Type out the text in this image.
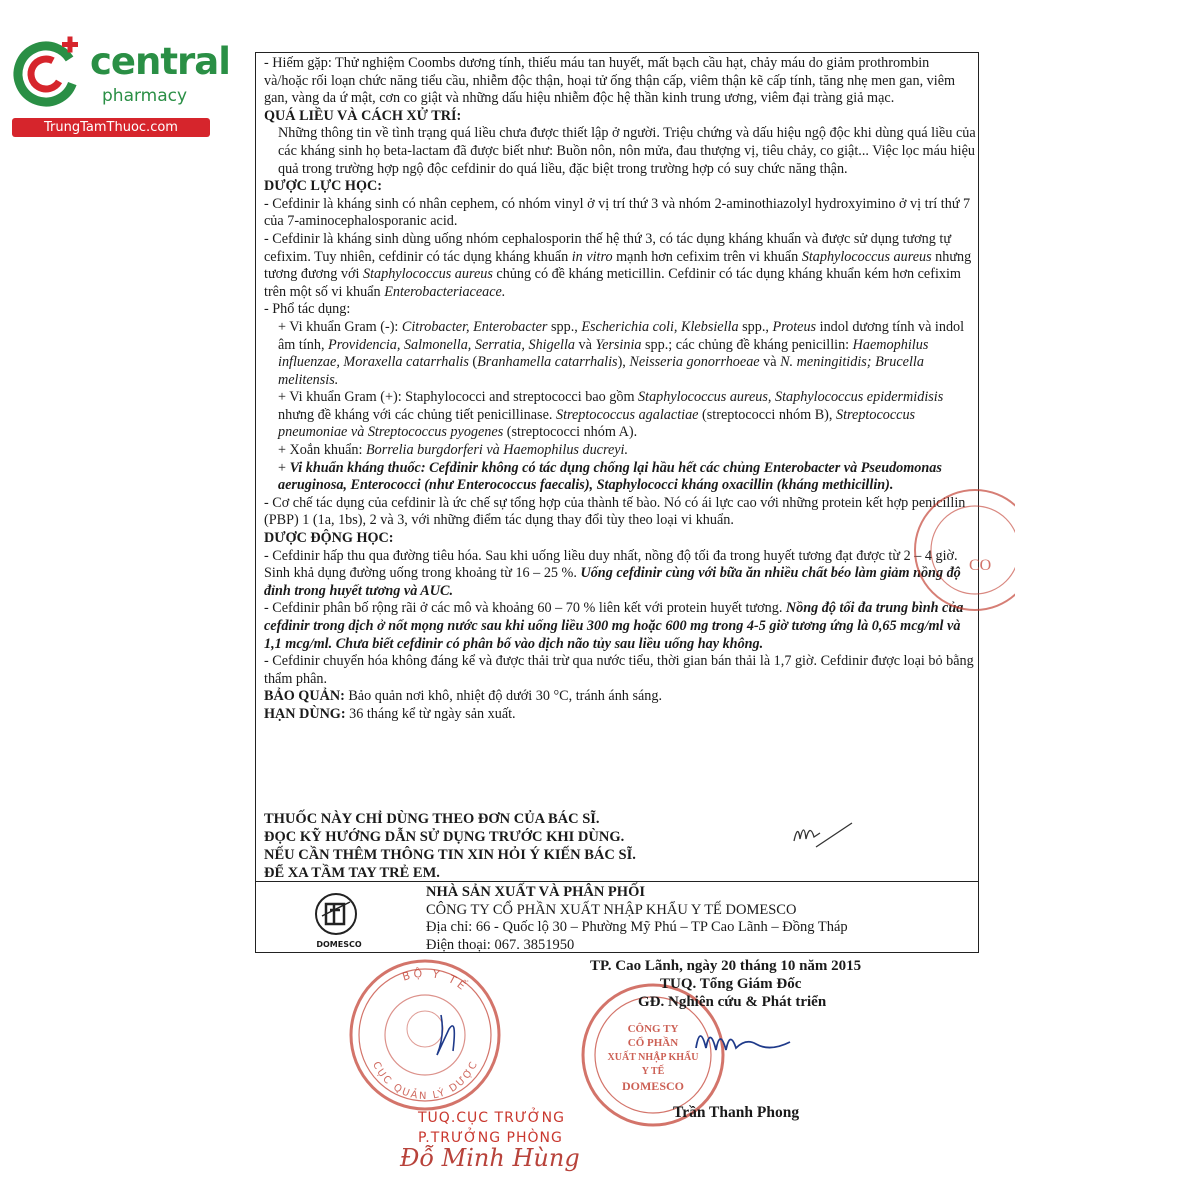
central
pharmacy
TrungTamThuoc.com

- Hiếm gặp: Thử nghiệm Coombs dương tính, thiếu máu tan huyết, mất bạch cầu hạt, chảy máu do giảm prothrombin và/hoặc rối loạn chức năng tiểu cầu, nhiễm độc thận, hoại tử ống thận cấp, viêm thận kẽ cấp tính, tăng nhẹ men gan, viêm gan, vàng da ứ mật, cơn co giật và những dấu hiệu nhiễm độc hệ thần kinh trung ương, viêm đại tràng giả mạc.

QUÁ LIỀU VÀ CÁCH XỬ TRÍ:

Những thông tin về tình trạng quá liều chưa được thiết lập ở người. Triệu chứng và dấu hiệu ngộ độc khi dùng quá liều của các kháng sinh họ beta-lactam đã được biết như: Buồn nôn, nôn mửa, đau thượng vị, tiêu chảy, co giật... Việc lọc máu hiệu quả trong trường hợp ngộ độc cefdinir do quá liều, đặc biệt trong trường hợp có suy chức năng thận.

DƯỢC LỰC HỌC:

- Cefdinir là kháng sinh có nhân cephem, có nhóm vinyl ở vị trí thứ 3 và nhóm 2-aminothiazolyl hydroxyimino ở vị trí thứ 7 của 7-aminocephalosporanic acid.

- Cefdinir là kháng sinh dùng uống nhóm cephalosporin thế hệ thứ 3, có tác dụng kháng khuẩn và được sử dụng tương tự cefixim. Tuy nhiên, cefdinir có tác dụng kháng khuẩn in vitro mạnh hơn cefixim trên vi khuẩn Staphylococcus aureus nhưng tương đương với Staphylococcus aureus chủng có đề kháng meticillin. Cefdinir có tác dụng kháng khuẩn kém hơn cefixim trên một số vi khuẩn Enterobacteriaceace.

- Phổ tác dụng:

+ Vi khuẩn Gram (-): Citrobacter, Enterobacter spp., Escherichia coli, Klebsiella spp., Proteus indol dương tính và indol âm tính, Providencia, Salmonella, Serratia, Shigella và Yersinia spp.; các chủng đề kháng penicillin: Haemophilus influenzae, Moraxella catarrhalis (Branhamella catarrhalis), Neisseria gonorrhoeae và N. meningitidis; Brucella melitensis.

+ Vi khuẩn Gram (+): Staphylococci and streptococci bao gồm Staphylococcus aureus, Staphylococcus epidermidisis nhưng đề kháng với các chủng tiết penicillinase. Streptococcus agalactiae (streptococci nhóm B), Streptococcus pneumoniae và Streptococcus pyogenes (streptococci nhóm A).

+ Xoắn khuẩn: Borrelia burgdorferi và Haemophilus ducreyi.

+ Vi khuẩn kháng thuốc: Cefdinir không có tác dụng chống lại hầu hết các chủng Enterobacter và Pseudomonas aeruginosa, Enterococci (như Enterococcus faecalis), Staphylococci kháng oxacillin (kháng methicillin).

- Cơ chế tác dụng của cefdinir là ức chế sự tổng hợp của thành tế bào. Nó có ái lực cao với những protein kết hợp penicillin (PBP) 1 (1a, 1bs), 2 và 3, với những điểm tác dụng thay đổi tùy theo loại vi khuẩn.

DƯỢC ĐỘNG HỌC:

- Cefdinir hấp thu qua đường tiêu hóa. Sau khi uống liều duy nhất, nồng độ tối đa trong huyết tương đạt được từ 2 – 4 giờ. Sinh khả dụng đường uống trong khoảng từ 16 – 25 %. Uống cefdinir cùng với bữa ăn nhiều chất béo làm giảm nồng độ đỉnh trong huyết tương và AUC.

- Cefdinir phân bố rộng rãi ở các mô và khoảng 60 – 70 % liên kết với protein huyết tương. Nồng độ tối đa trung bình của cefdinir trong dịch ở nốt mọng nước sau khi uống liều 300 mg hoặc 600 mg trong 4-5 giờ tương ứng là 0,65 mcg/ml và 1,1 mcg/ml. Chưa biết cefdinir có phân bố vào dịch não tủy sau liều uống hay không.

- Cefdinir chuyển hóa không đáng kể và được thải trừ qua nước tiểu, thời gian bán thải là 1,7 giờ. Cefdinir được loại bỏ bằng thẩm phân.

BẢO QUẢN: Bảo quản nơi khô, nhiệt độ dưới 30 °C, tránh ánh sáng.

HẠN DÙNG: 36 tháng kể từ ngày sản xuất.

THUỐC NÀY CHỈ DÙNG THEO ĐƠN CỦA BÁC SĨ.
ĐỌC KỸ HƯỚNG DẪN SỬ DỤNG TRƯỚC KHI DÙNG.
NẾU CẦN THÊM THÔNG TIN XIN HỎI Ý KIẾN BÁC SĨ.
ĐỂ XA TẦM TAY TRẺ EM.
DOMESCO
NHÀ SẢN XUẤT VÀ PHÂN PHỐI
CÔNG TY CỔ PHẦN XUẤT NHẬP KHẨU Y TẾ DOMESCO
Địa chỉ: 66 - Quốc lộ 30 – Phường Mỹ Phú – TP Cao Lãnh – Đồng Tháp
Điện thoại: 067. 3851950
CO
BỘ Y TẾ
CỤC QUẢN LÝ DƯỢC
CÔNG TY
CỔ PHẦN
XUẤT NHẬP KHẨU
Y TẾ
DOMESCO
TP. Cao Lãnh, ngày 20 tháng 10 năm 2015
TUQ. Tổng Giám Đốc
GĐ. Nghiên cứu & Phát triển
Trần Thanh Phong
TUQ.CỤC TRƯỞNG
P.TRƯỞNG PHÒNG
Đỗ Minh Hùng
